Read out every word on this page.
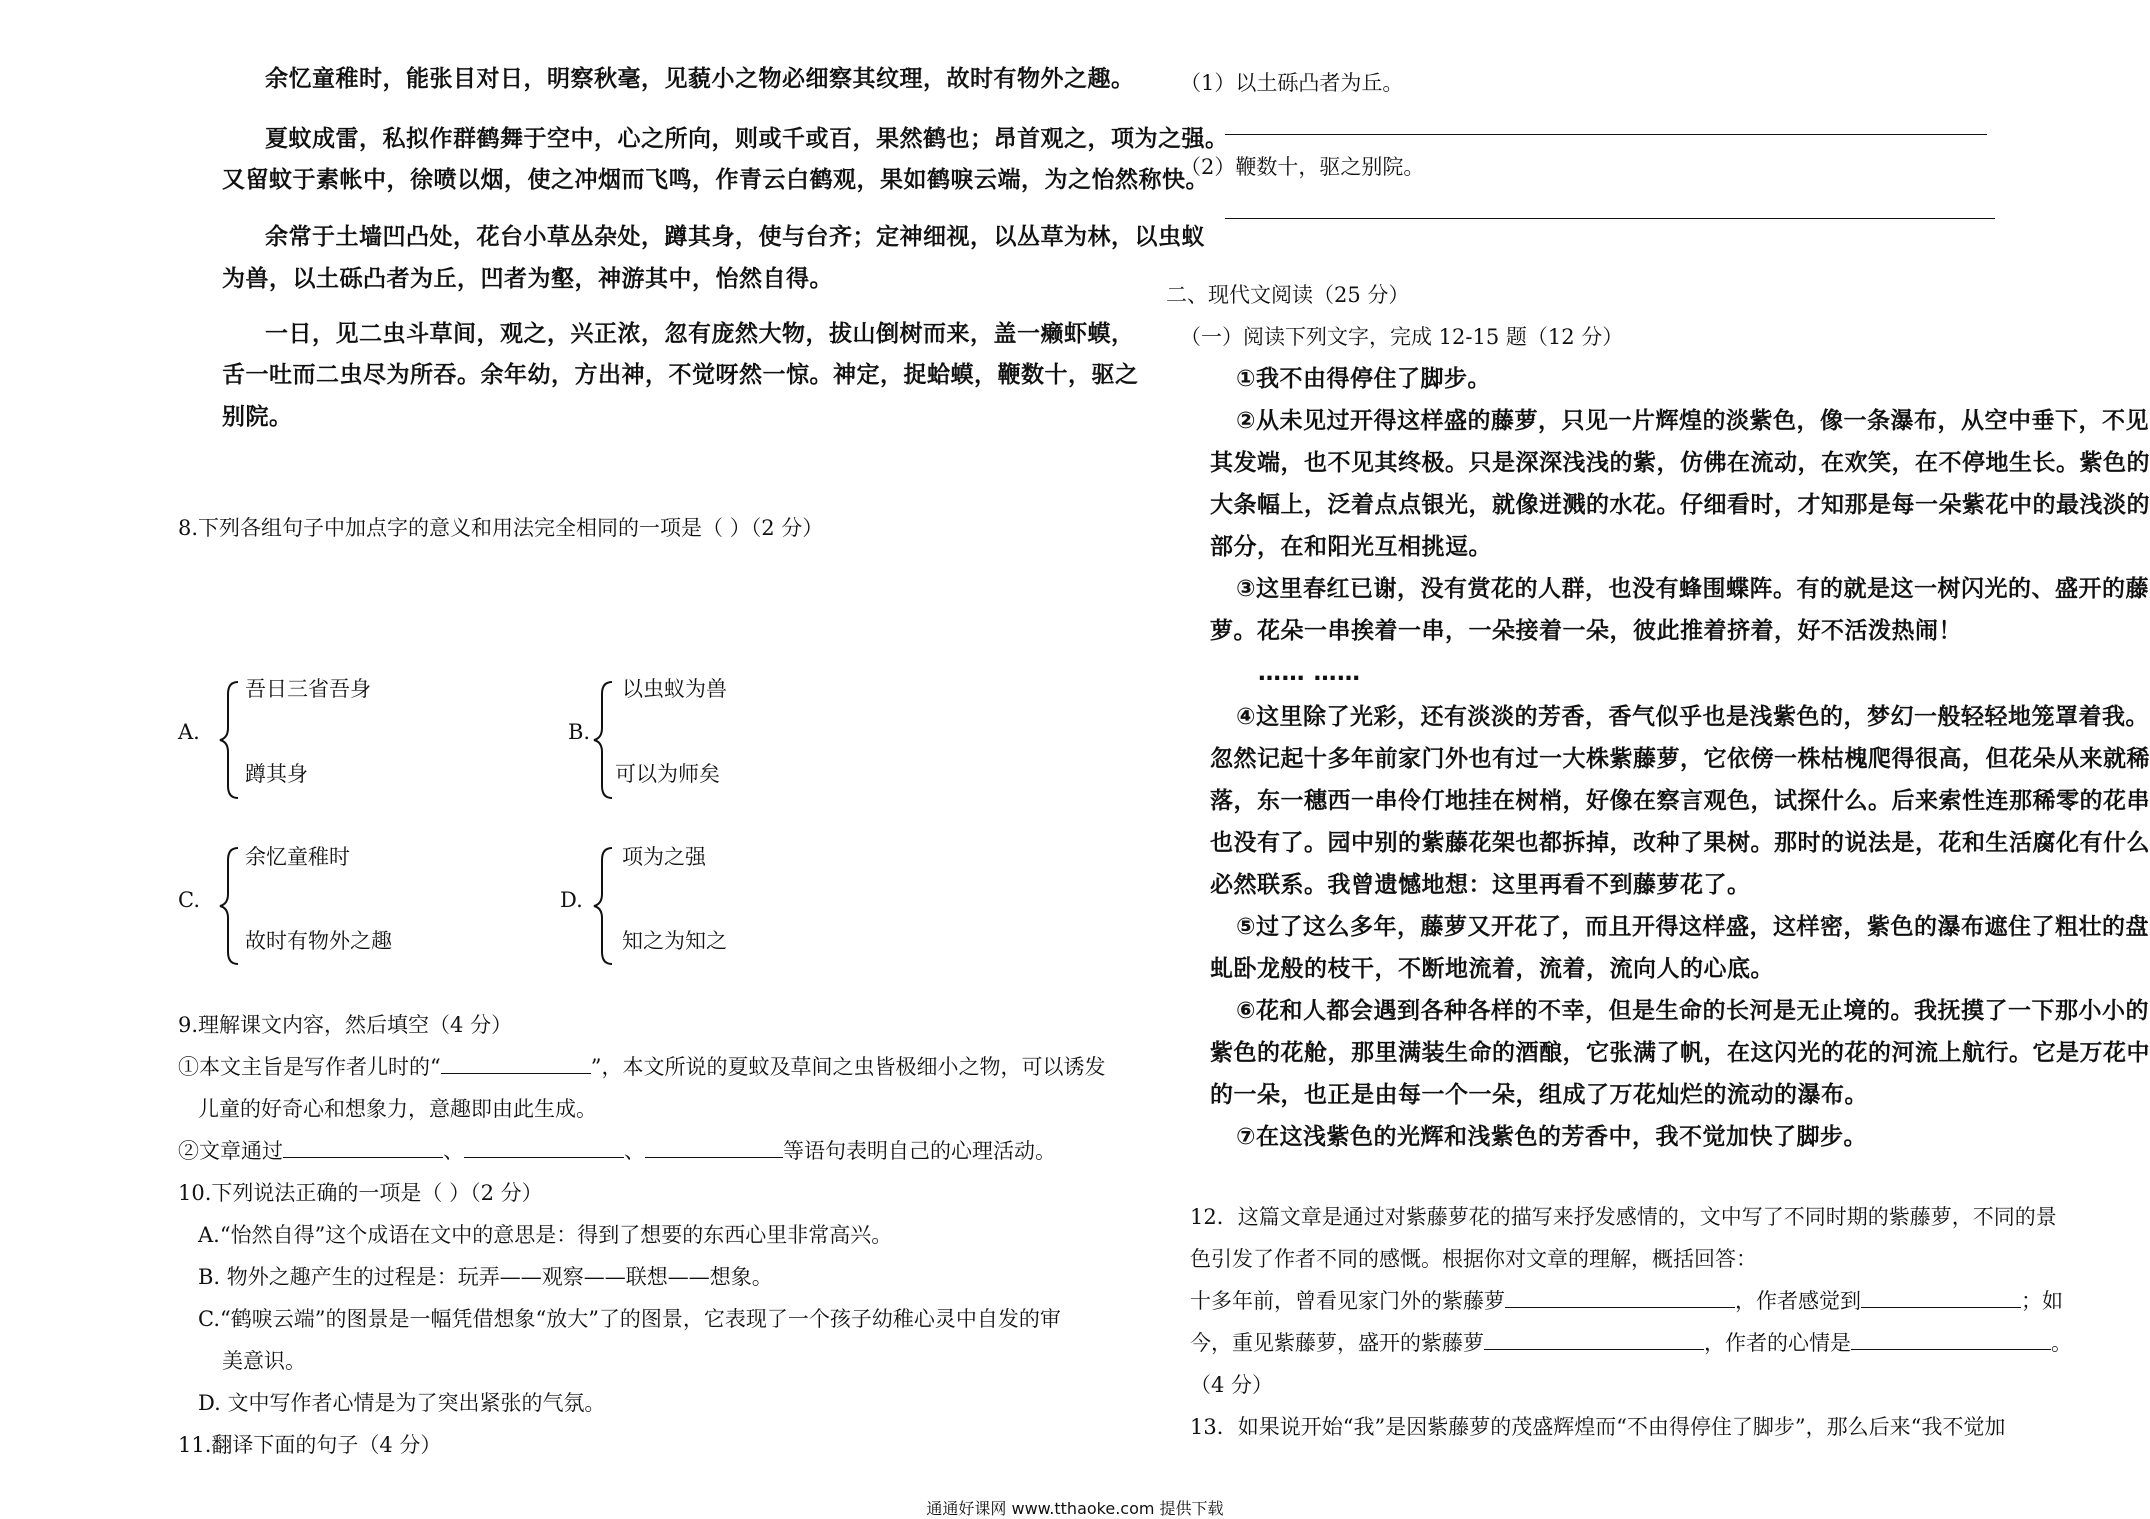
余忆童稚时，能张目对日，明察秋毫，见藐小之物必细察其纹理，故时有物外之趣。
夏蚊成雷，私拟作群鹤舞于空中，心之所向，则或千或百，果然鹤也；昂首观之，项为之强。
又留蚊于素帐中，徐喷以烟，使之冲烟而飞鸣，作青云白鹤观，果如鹤唳云端，为之怡然称快。
余常于土墙凹凸处，花台小草丛杂处，蹲其身，使与台齐；定神细视，以丛草为林，以虫蚁
为兽，以土砾凸者为丘，凹者为壑，神游其中，怡然自得。
一日，见二虫斗草间，观之，兴正浓，忽有庞然大物，拔山倒树而来，盖一癞虾蟆，
舌一吐而二虫尽为所吞。余年幼，方出神，不觉呀然一惊。神定，捉蛤蟆，鞭数十，驱之
别院。
8.下列各组句子中加点字的意义和用法完全相同的一项是（ ）（2 分）
A.
吾日三省吾身
蹲其身
B.
以虫蚁为兽
可以为师矣
C.
余忆童稚时
故时有物外之趣
D.
项为之强
知之为知之
9.理解课文内容，然后填空（4 分）
①本文主旨是写作者儿时的“	”，本文所说的夏蚊及草间之虫皆极细小之物，可以诱发
儿童的好奇心和想象力，意趣即由此生成。
②文章通过	、	、	等语句表明自己的心理活动。
10.下列说法正确的一项是（ ）（2 分）
A.“怡然自得”这个成语在文中的意思是：得到了想要的东西心里非常高兴。
B. 物外之趣产生的过程是：玩弄——观察——联想——想象。
C.“鹤唳云端”的图景是一幅凭借想象“放大”了的图景，它表现了一个孩子幼稚心灵中自发的审
美意识。
D. 文中写作者心情是为了突出紧张的气氛。
11.翻译下面的句子（4 分）
（1）以土砾凸者为丘。
（2）鞭数十，驱之别院。
二、现代文阅读（25 分）
（一）阅读下列文字，完成 12-15 题（12 分）
①我不由得停住了脚步。
②从未见过开得这样盛的藤萝，只见一片辉煌的淡紫色，像一条瀑布，从空中垂下，不见
其发端，也不见其终极。只是深深浅浅的紫，仿佛在流动，在欢笑，在不停地生长。紫色的
大条幅上，泛着点点银光，就像迸溅的水花。仔细看时，才知那是每一朵紫花中的最浅淡的
部分，在和阳光互相挑逗。
③这里春红已谢，没有赏花的人群，也没有蜂围蝶阵。有的就是这一树闪光的、盛开的藤
萝。花朵一串挨着一串，一朵接着一朵，彼此推着挤着，好不活泼热闹！
…… ……
④这里除了光彩，还有淡淡的芳香，香气似乎也是浅紫色的，梦幻一般轻轻地笼罩着我。
忽然记起十多年前家门外也有过一大株紫藤萝，它依傍一株枯槐爬得很高，但花朵从来就稀
落，东一穗西一串伶仃地挂在树梢，好像在察言观色，试探什么。后来索性连那稀零的花串
也没有了。园中别的紫藤花架也都拆掉，改种了果树。那时的说法是，花和生活腐化有什么
必然联系。我曾遗憾地想：这里再看不到藤萝花了。
⑤过了这么多年，藤萝又开花了，而且开得这样盛，这样密，紫色的瀑布遮住了粗壮的盘
虬卧龙般的枝干，不断地流着，流着，流向人的心底。
⑥花和人都会遇到各种各样的不幸，但是生命的长河是无止境的。我抚摸了一下那小小的
紫色的花舱，那里满装生命的酒酿，它张满了帆，在这闪光的花的河流上航行。它是万花中
的一朵，也正是由每一个一朵，组成了万花灿烂的流动的瀑布。
⑦在这浅紫色的光辉和浅紫色的芳香中，我不觉加快了脚步。
12．这篇文章是通过对紫藤萝花的描写来抒发感情的，文中写了不同时期的紫藤萝，不同的景
色引发了作者不同的感慨。根据你对文章的理解，概括回答：
十多年前，曾看见家门外的紫藤萝	，作者感觉到	；如
今，重见紫藤萝，盛开的紫藤萝	，作者的心情是	。
（4 分）
13．如果说开始“我”是因紫藤萝的茂盛辉煌而“不由得停住了脚步”，那么后来“我不觉加
通通好课网 www.tthaoke.com 提供下载
